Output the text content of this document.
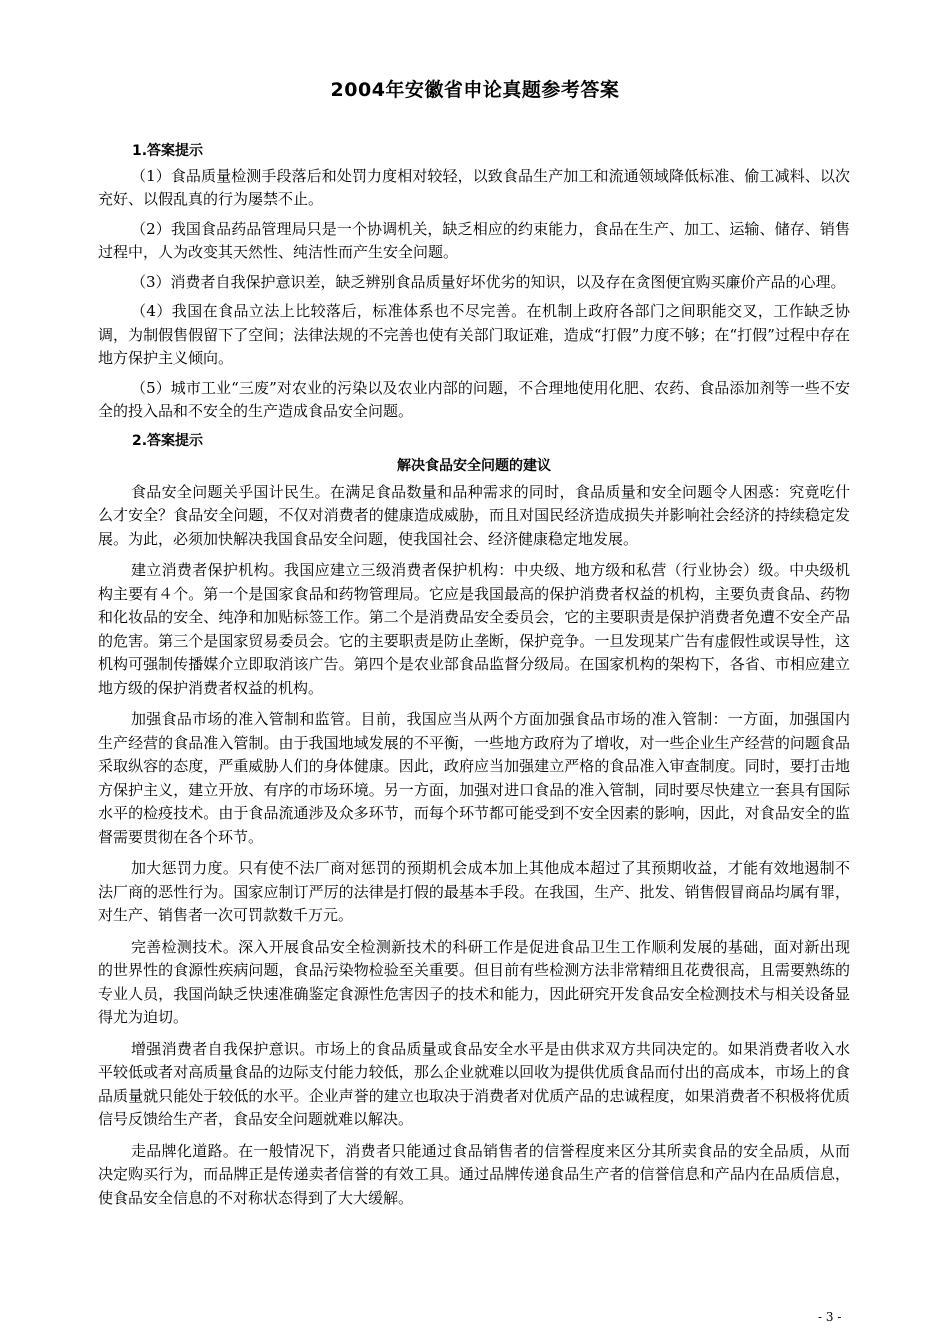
2004年安徽省申论真题参考答案
1.答案提示

（1）食品质量检测手段落后和处罚力度相对较轻，以致食品生产加工和流通领域降低标准、偷工减料、以次充好、以假乱真的行为屡禁不止。

（2）我国食品药品管理局只是一个协调机关，缺乏相应的约束能力，食品在生产、加工、运输、储存、销售过程中，人为改变其天然性、纯洁性而产生安全问题。

（3）消费者自我保护意识差，缺乏辨别食品质量好坏优劣的知识，以及存在贪图便宜购买廉价产品的心理。

（4）我国在食品立法上比较落后，标准体系也不尽完善。在机制上政府各部门之间职能交叉，工作缺乏协调，为制假售假留下了空间；法律法规的不完善也使有关部门取证难，造成“打假”力度不够；在“打假”过程中存在地方保护主义倾向。

（5）城市工业“三废”对农业的污染以及农业内部的问题，不合理地使用化肥、农药、食品添加剂等一些不安全的投入品和不安全的生产造成食品安全问题。

2.答案提示
解决食品安全问题的建议

食品安全问题关乎国计民生。在满足食品数量和品种需求的同时，食品质量和安全问题令人困惑：究竟吃什么才安全？食品安全问题，不仅对消费者的健康造成威胁，而且对国民经济造成损失并影响社会经济的持续稳定发展。为此，必须加快解决我国食品安全问题，使我国社会、经济健康稳定地发展。

建立消费者保护机构。我国应建立三级消费者保护机构：中央级、地方级和私营（行业协会）级。中央级机构主要有４个。第一个是国家食品和药物管理局。它应是我国最高的保护消费者权益的机构，主要负责食品、药物和化妆品的安全、纯净和加贴标签工作。第二个是消费品安全委员会，它的主要职责是保护消费者免遭不安全产品的危害。第三个是国家贸易委员会。它的主要职责是防止垄断，保护竞争。一旦发现某广告有虚假性或误导性，这机构可强制传播媒介立即取消该广告。第四个是农业部食品监督分级局。在国家机构的架构下，各省、市相应建立地方级的保护消费者权益的机构。

加强食品市场的准入管制和监管。目前，我国应当从两个方面加强食品市场的准入管制：一方面，加强国内生产经营的食品准入管制。由于我国地域发展的不平衡，一些地方政府为了增收，对一些企业生产经营的问题食品采取纵容的态度，严重威胁人们的身体健康。因此，政府应当加强建立严格的食品准入审查制度。同时，要打击地方保护主义，建立开放、有序的市场环境。另一方面，加强对进口食品的准入管制，同时要尽快建立一套具有国际水平的检疫技术。由于食品流通涉及众多环节，而每个环节都可能受到不安全因素的影响，因此，对食品安全的监督需要贯彻在各个环节。

加大惩罚力度。只有使不法厂商对惩罚的预期机会成本加上其他成本超过了其预期收益，才能有效地遏制不法厂商的恶性行为。国家应制订严厉的法律是打假的最基本手段。在我国，生产、批发、销售假冒商品均属有罪，对生产、销售者一次可罚款数千万元。

完善检测技术。深入开展食品安全检测新技术的科研工作是促进食品卫生工作顺利发展的基础，面对新出现的世界性的食源性疾病问题，食品污染物检验至关重要。但目前有些检测方法非常精细且花费很高，且需要熟练的专业人员，我国尚缺乏快速准确鉴定食源性危害因子的技术和能力，因此研究开发食品安全检测技术与相关设备显得尤为迫切。

增强消费者自我保护意识。市场上的食品质量或食品安全水平是由供求双方共同决定的。如果消费者收入水平较低或者对高质量食品的边际支付能力较低，那么企业就难以回收为提供优质食品而付出的高成本，市场上的食品质量就只能处于较低的水平。企业声誉的建立也取决于消费者对优质产品的忠诚程度，如果消费者不积极将优质信号反馈给生产者，食品安全问题就难以解决。

走品牌化道路。在一般情况下，消费者只能通过食品销售者的信誉程度来区分其所卖食品的安全品质，从而决定购买行为，而品牌正是传递卖者信誉的有效工具。通过品牌传递食品生产者的信誉信息和产品内在品质信息，使食品安全信息的不对称状态得到了大大缓解。

- 3 -
